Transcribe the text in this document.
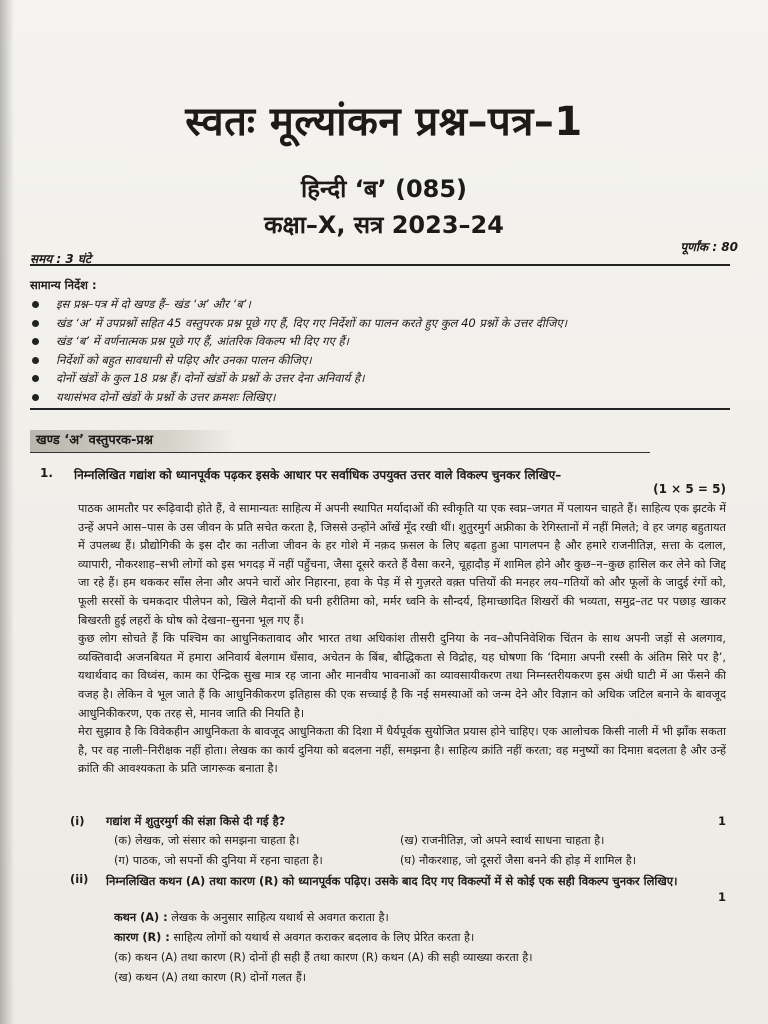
स्वतः मूल्यांकन प्रश्न–पत्र–1
हिन्दी ‘ब’ (085)
कक्षा–X, सत्र 2023–24
समय : 3 घंटे
पूर्णांक : 80
सामान्य निर्देश :
इस प्रश्न–पत्र में दो खण्ड हैं– खंड ‘अ’ और ‘ब’।
खंड ‘अ’ में उपप्रश्नों सहित 45 वस्तुपरक प्रश्न पूछे गए हैं, दिए गए निर्देशों का पालन करते हुए कुल 40 प्रश्नों के उत्तर दीजिए।
खंड ‘ब’ में वर्णनात्मक प्रश्न पूछे गए हैं, आंतरिक विकल्प भी दिए गए हैं।
निर्देशों को बहुत सावधानी से पढ़िए और उनका पालन कीजिए।
दोनों खंडों के कुल 18 प्रश्न हैं। दोनों खंडों के प्रश्नों के उत्तर देना अनिवार्य है।
यथासंभव दोनों खंडों के प्रश्नों के उत्तर क्रमशः लिखिए।
खण्ड ‘अ’ वस्तुपरक-प्रश्न
1. निम्नलिखित गद्यांश को ध्यानपूर्वक पढ़कर इसके आधार पर सर्वाधिक उपयुक्त उत्तर वाले विकल्प चुनकर लिखिए–
(1 × 5 = 5)

पाठक आमतौर पर रूढ़िवादी होते हैं, वे सामान्यतः साहित्य में अपनी स्थापित मर्यादाओं की स्वीकृति या एक स्वप्न–जगत में पलायन चाहते हैं। साहित्य एक झटके में उन्हें अपने आस–पास के उस जीवन के प्रति सचेत करता है, जिससे उन्होंने आँखें मूँद रखी थीं। शुतुरमुर्ग अफ्रीका के रेगिस्तानों में नहीं मिलते; वे हर जगह बहुतायत में उपलब्ध हैं। प्रौद्योगिकी के इस दौर का नतीजा जीवन के हर गोशे में नक़द फ़सल के लिए बढ़ता हुआ पागलपन है और हमारे राजनीतिज्ञ, सत्ता के दलाल, व्यापारी, नौकरशाह–सभी लोगों को इस भगदड़ में नहीं पहुँचना, जैसा दूसरे करते हैं वैसा करने, चूहादौड़ में शामिल होने और कुछ–न–कुछ हासिल कर लेने को जिद्द जा रहे हैं। हम थककर साँस लेना और अपने चारों ओर निहारना, हवा के पेड़ में से गुज़रते वक़्त पत्तियों की मनहर लय–गतियों को और फूलों के जादुई रंगों को, फूली सरसों के चमकदार पीलेपन को, खिले मैदानों की घनी हरीतिमा को, मर्मर ध्वनि के सौन्दर्य, हिमाच्छादित शिखरों की भव्यता, समुद्र–तट पर पछाड़ खाकर बिखरती हुई लहरों के घोष को देखना–सुनना भूल गए हैं।

कुछ लोग सोचते हैं कि पश्चिम का आधुनिकतावाद और भारत तथा अधिकांश तीसरी दुनिया के नव–औपनिवेशिक चिंतन के साथ अपनी जड़ों से अलगाव, व्यक्तिवादी अजनबियत में हमारा अनिवार्य बेलगाम धँसाव, अचेतन के बिंब, बौद्धिकता से विद्रोह, यह घोषणा कि ‘दिमाग़ अपनी रस्सी के अंतिम सिरे पर है’, यथार्थवाद का विध्वंस, काम का ऐन्द्रिक सुख मात्र रह जाना और मानवीय भावनाओं का व्यावसायीकरण तथा निम्नस्तरीयकरण इस अंधी घाटी में आ फँसने की वजह है। लेकिन वे भूल जाते हैं कि आधुनिकीकरण इतिहास की एक सच्चाई है कि नई समस्याओं को जन्म देने और विज्ञान को अधिक जटिल बनाने के बावजूद आधुनिकीकरण, एक तरह से, मानव जाति की नियति है।

मेरा सुझाव है कि विवेकहीन आधुनिकता के बावजूद आधुनिकता की दिशा में धैर्यपूर्वक सुयोजित प्रयास होने चाहिए। एक आलोचक किसी नाली में भी झाँक सकता है, पर वह नाली–निरीक्षक नहीं होता। लेखक का कार्य दुनिया को बदलना नहीं, समझना है। साहित्य क्रांति नहीं करता; वह मनुष्यों का दिमाग़ बदलता है और उन्हें क्रांति की आवश्यकता के प्रति जागरूक बनाता है।

(i) गद्यांश में शुतुरमुर्ग की संज्ञा किसे दी गई है?	1
(क) लेखक, जो संसार को समझना चाहता है।	(ख) राजनीतिज्ञ, जो अपने स्वार्थ साधना चाहता है।
(ग) पाठक, जो सपनों की दुनिया में रहना चाहता है।	(घ) नौकरशाह, जो दूसरों जैसा बनने की होड़ में शामिल है।
(ii) निम्नलिखित कथन (A) तथा कारण (R) को ध्यानपूर्वक पढ़िए। उसके बाद दिए गए विकल्पों में से कोई एक सही विकल्प चुनकर लिखिए।
1
कथन (A) : लेखक के अनुसार साहित्य यथार्थ से अवगत कराता है।
कारण (R) : साहित्य लोगों को यथार्थ से अवगत कराकर बदलाव के लिए प्रेरित करता है।
(क) कथन (A) तथा कारण (R) दोनों ही सही हैं तथा कारण (R) कथन (A) की सही व्याख्या करता है।
(ख) कथन (A) तथा कारण (R) दोनों गलत हैं।
